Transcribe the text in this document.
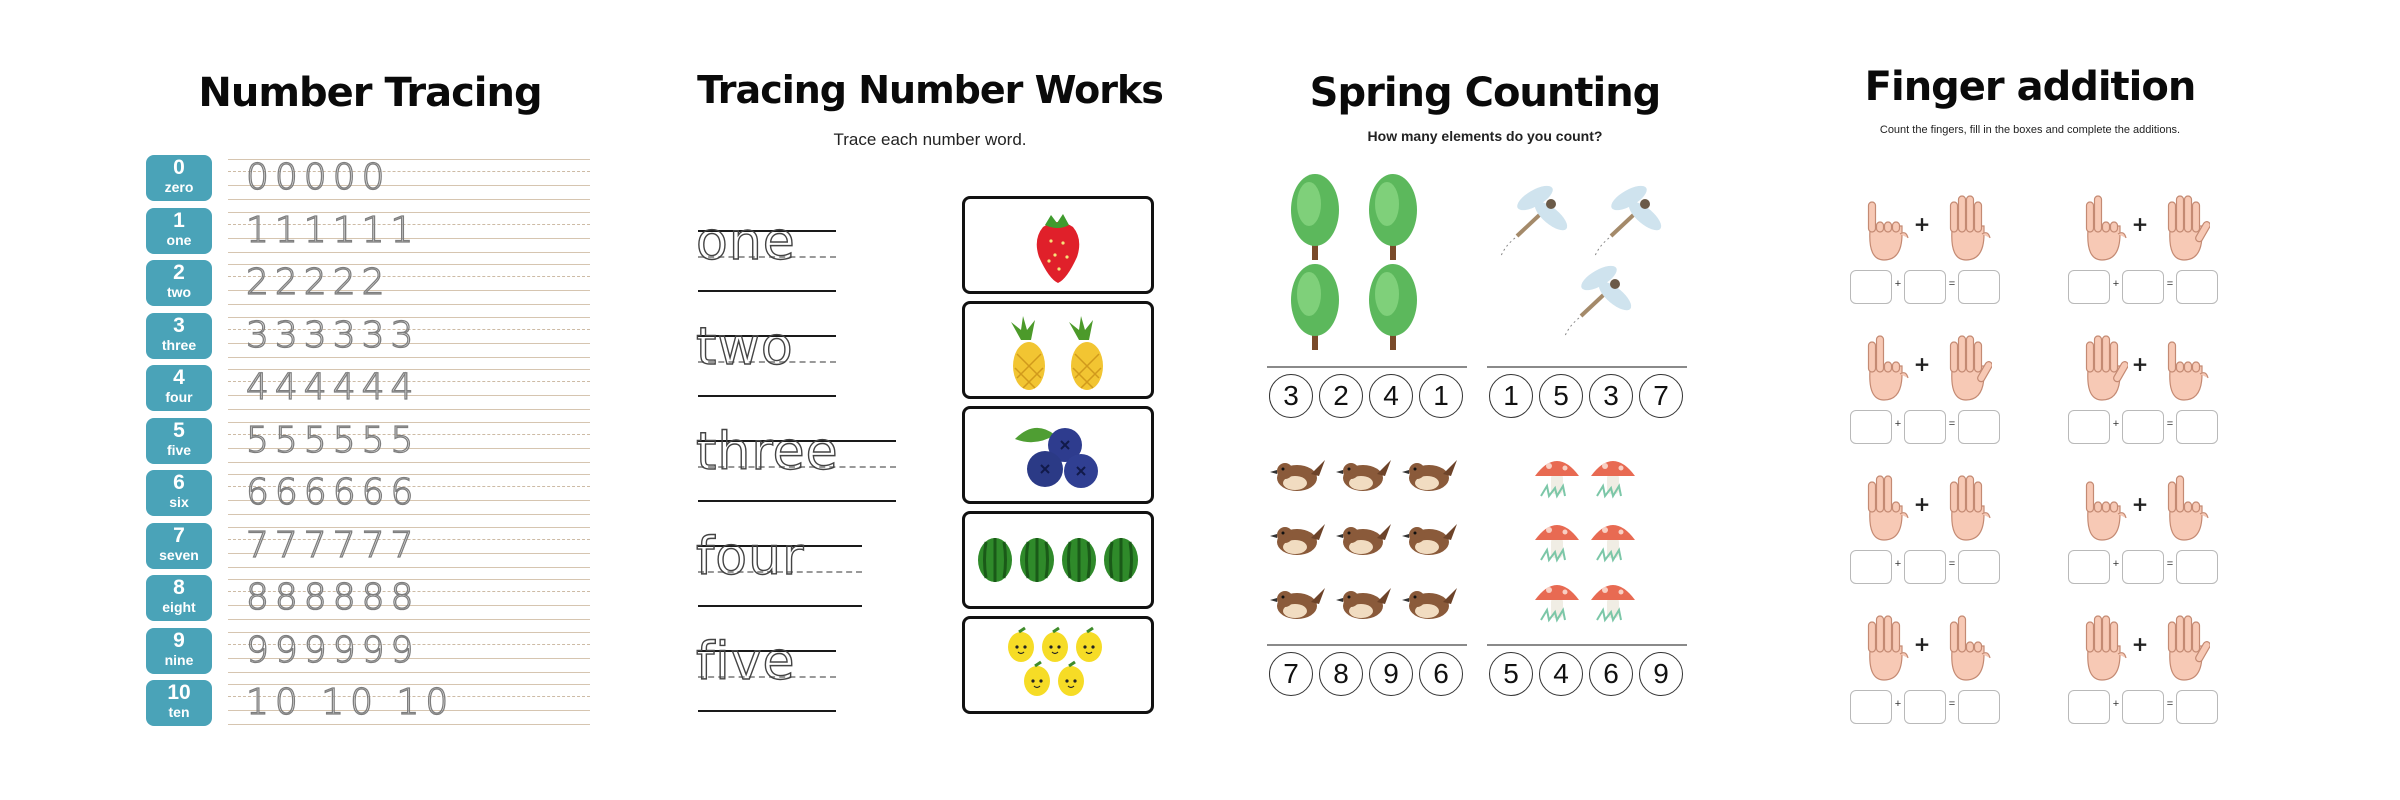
Number Tracing
0
zero	00000
1
one	111111
2
two	22222
3
three	333333
4
four	444444
5
five	555555
6
six	666666
7
seven	777777
8
eight	888888
9
nine	999999
10
ten	10 10 10
Tracing Number Works
Trace each number word.
one
two
three
four
five
Spring Counting
How many elements do you count?
3	2	4	1	1	5	3	7
7	8	9	6	5	4	6	9
Finger addition
Count the fingers, fill in the boxes and complete the additions.
+
+	=
+
+	=
+
+	=
+
+	=
+
+	=
+
+	=
+
+	=
+
+	=
